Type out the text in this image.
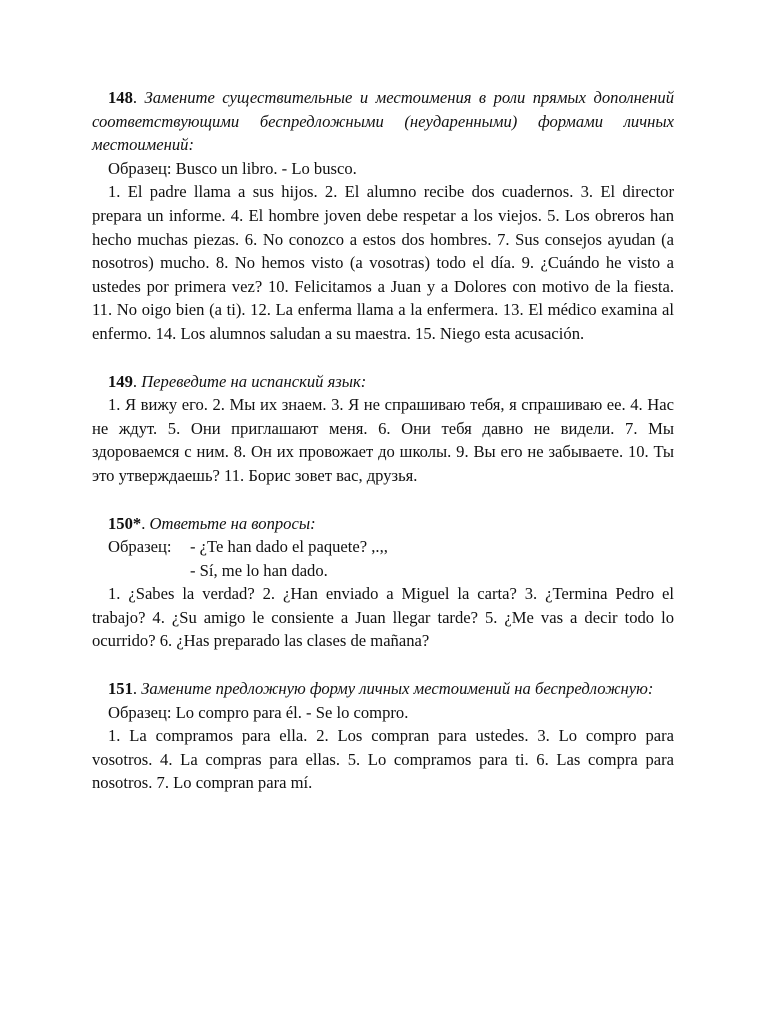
148. Замените существительные и местоимения в роли прямых дополнений соответствующими беспредложными (неударенными) формами личных местоимений:

Образец: Busco un libro. - Lo busco.

1. El padre llama a sus hijos. 2. El alumno recibe dos cuadernos. 3. El director prepara un informe. 4. El hombre joven debe respetar a los viejos. 5. Los obreros han hecho muchas piezas. 6. No conozco a estos dos hombres. 7. Sus consejos ayudan (a nosotros) mucho. 8. No hemos visto (a vosotras) todo el día. 9. ¿Cuándo he visto a ustedes por primera vez? 10. Felicitamos a Juan y a Dolores con motivo de la fiesta. 11. No oigo bien (a ti). 12. La enferma llama a la enfermera. 13. El médico examina al enfermo. 14. Los alumnos saludan a su maestra. 15. Niego esta acusación.

149. Переведите на испанский язык:

1. Я вижу его. 2. Мы их знаем. 3. Я не спрашиваю тебя, я спрашиваю ее. 4. Нас не ждут. 5. Они приглашают меня. 6. Они тебя давно не видели. 7. Мы здороваемся с ним. 8. Он их провожает до школы. 9. Вы его не забываете. 10. Ты это утверждаешь? 11. Борис зовет вас, друзья.

150*. Ответьте на вопросы:

Образец:	- ¿Te han dado el paquete? ,.,,
- Sí, me lo han dado.

1. ¿Sabes la verdad? 2. ¿Han enviado a Miguel la carta? 3. ¿Termina Pedro el trabajo? 4. ¿Su amigo le consiente a Juan llegar tarde? 5. ¿Me vas a decir todo lo ocurrido? 6. ¿Has preparado las clases de mañana?

151. Замените предложную форму личных местоимений на беспредложную:

Образец: Lo compro para él. - Se lo compro.

1. La compramos para ella. 2. Los compran para ustedes. 3. Lo compro para vosotros. 4. La compras para ellas. 5. Lo compramos para ti. 6. Las compra para nosotros. 7. Lo compran para mí.
